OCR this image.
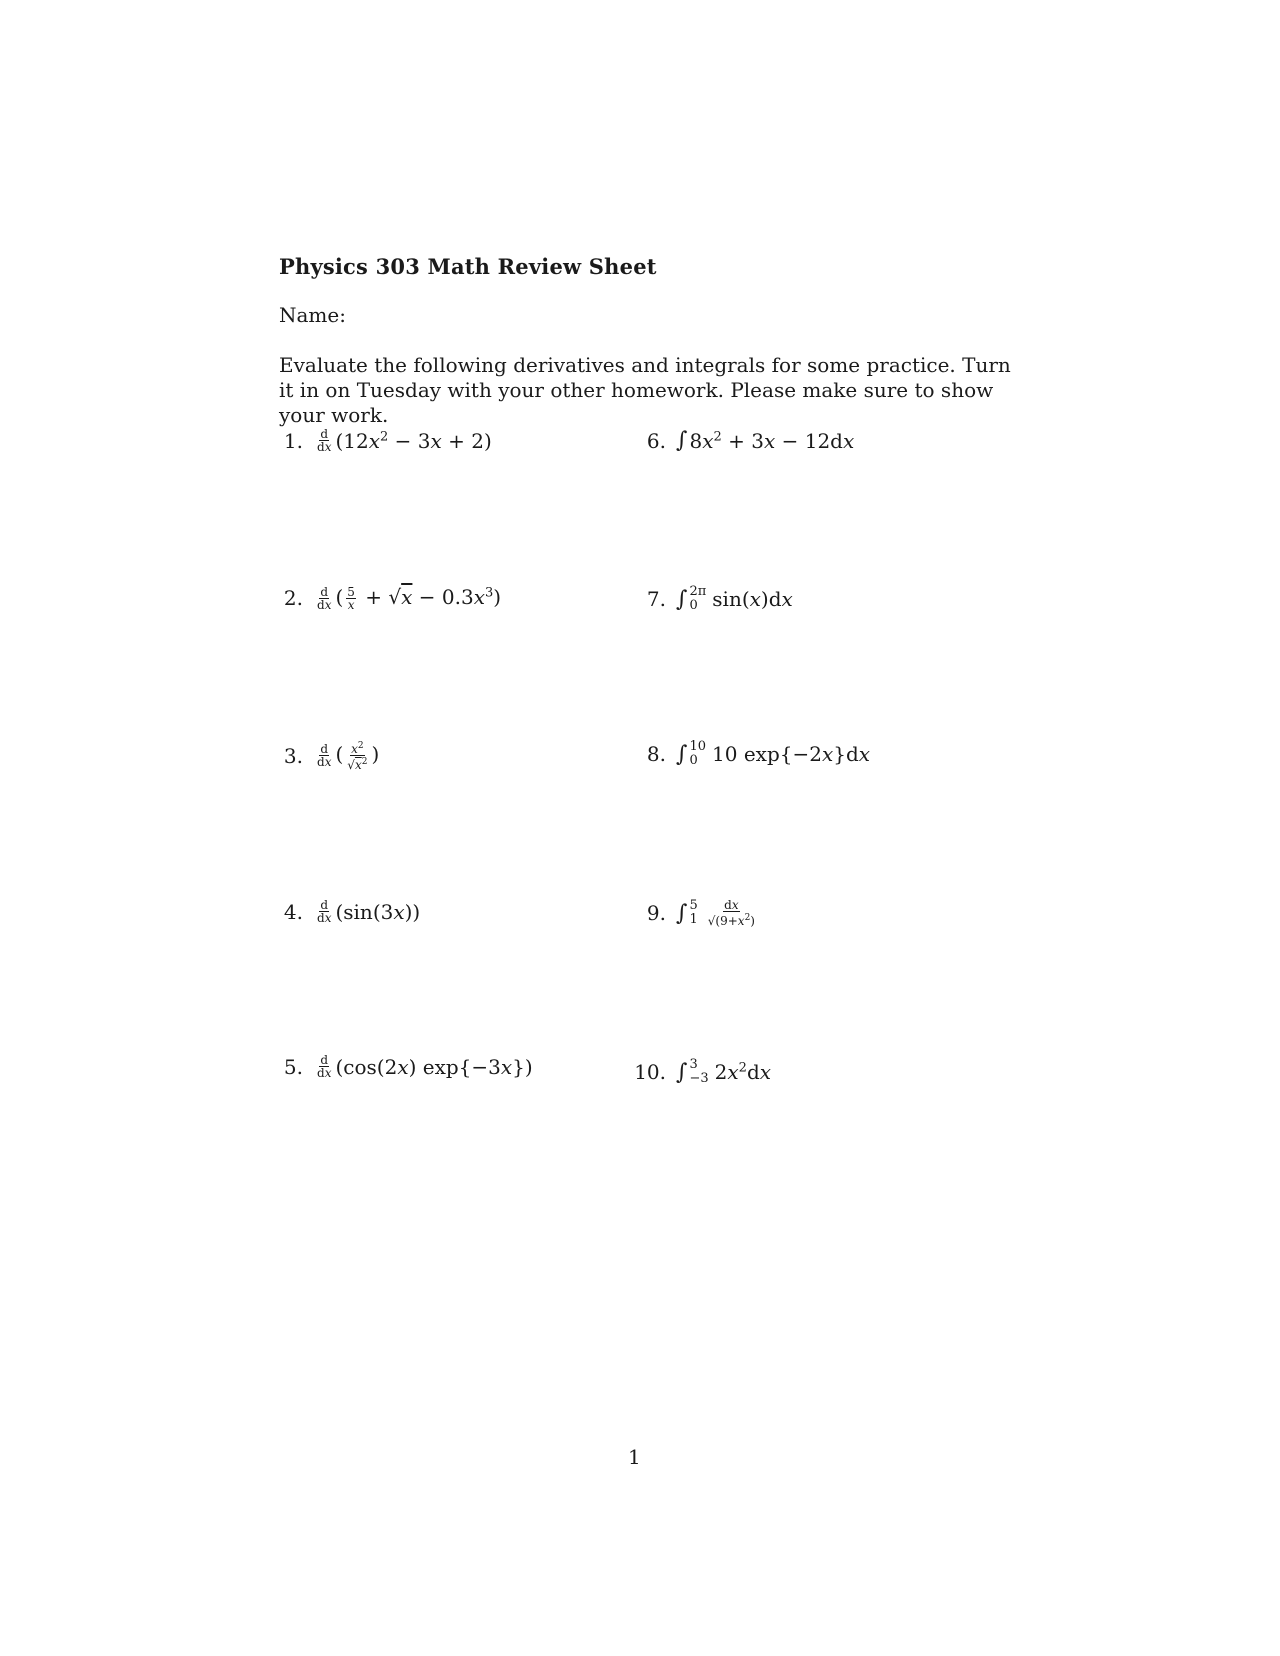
Physics 303 Math Review Sheet
Name:
Evaluate the following derivatives and integrals for some practice. Turn it in on Tuesday with your other homework. Please make sure to show your work.
1. $\frac{d}{dx} (12x^2 - 3x + 2)$
2. $\frac{d}{dx}$ ( $\frac{5}{x} + √x - 0.3x^3$)
3. $\frac{d}{dx}$ ( $\frac{x^2}{√x^2}$ )
4. $\frac{d}{dx} (\sin(3x))$
5. $\frac{d}{dx} (\cos(2x)$ exp{−3x})
6. ∫ $8x^2 + 3x - 12dx$
7. ∫ 2π
0 sin(x)dx
8. ∫ 10
0 10 exp{−2x}dx
9. ∫ 5
$1 \frac{dx}{√(9+x^2)}$
10. ∫ 3
−3 $2x^2dx$
1
